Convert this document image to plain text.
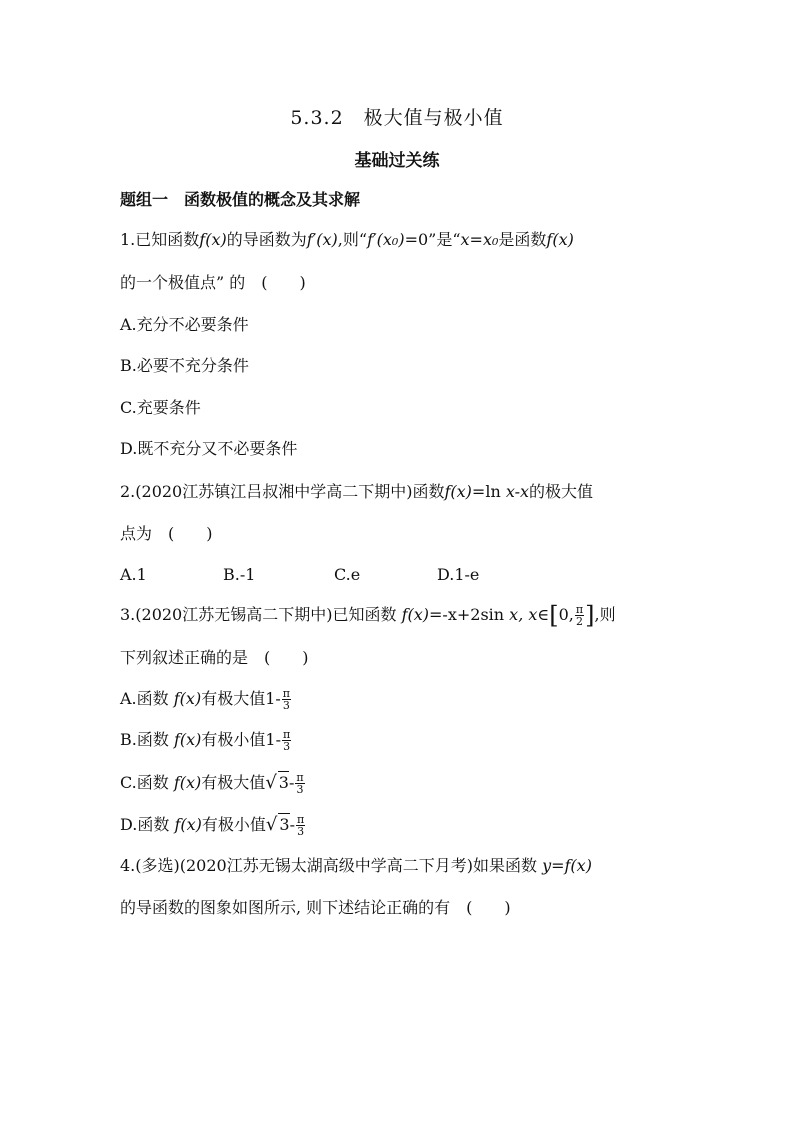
5.3.2　极大值与极小值
基础过关练
题组一　函数极值的概念及其求解
1.已知函数f(x)的导函数为f′(x),则“f′(x₀)=0”是“x=x₀是函数f(x)
的一个极值点” 的　(　　)
A.充分不必要条件
B.必要不充分条件
C.充要条件
D.既不充分又不必要条件
2.(2020江苏镇江吕叔湘中学高二下期中)函数f(x)=ln x-x的极大值
点为　(　　)
A.1	B.-1	C.e	D.1-e
3.(2020江苏无锡高二下期中)已知函数 f(x)=-x+2sin x, x∈[0, $\frac{\pi}{2}$ ],则
下列叙述正确的是　(　　)
A.函数 f(x)有极大值$1- \frac{\pi}{3}$
B.函数 f(x)有极小值$1- \frac{\pi}{3}$
C.函数 f(x)有极大值√ $3- \frac{\pi}{3}$
D.函数 f(x)有极小值√ $3- \frac{\pi}{3}$
4.(多选)(2020江苏无锡太湖高级中学高二下月考)如果函数 y=f(x)
的导函数的图象如图所示, 则下述结论正确的有　(　　)
